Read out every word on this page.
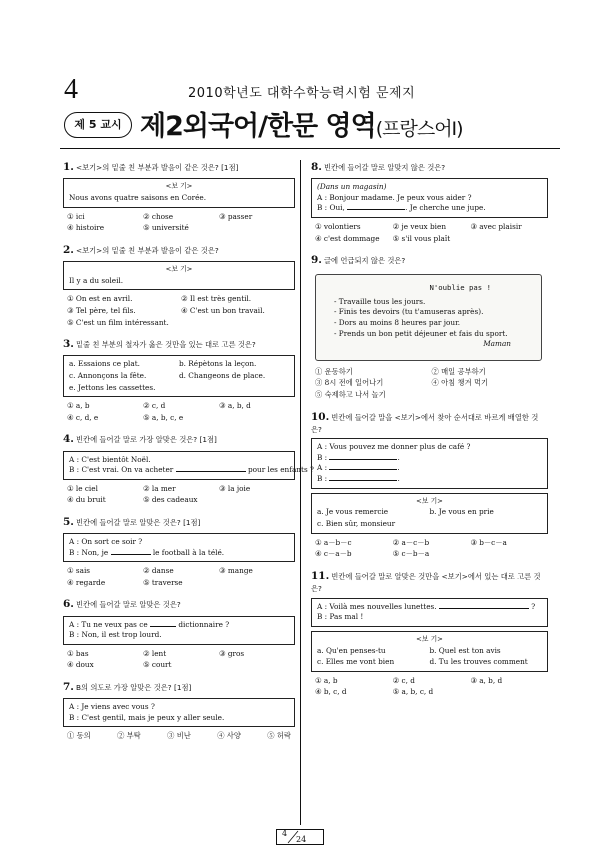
4	2010학년도 대학수학능력시험 문제지
제 5 교시 제2외국어/한문 영역(프랑스어Ⅰ)
1. <보기>의 밑줄 친 부분과 발음이 같은 것은? [1점]
<보 기>
Nous avons quatre saisons en Corée.
① ici	② chose	③ passer
④ histoire	⑤ université
2. <보기>의 밑줄 친 부분과 발음이 같은 것은?
<보 기>
Il y a du soleil.
① On est en avril.	② Il est très gentil.
③ Tel père, tel fils.	④ C'est un bon travail.
⑤ C'est un film intéressant.
3. 밑줄 친 부분의 철자가 옳은 것만을 있는 대로 고른 것은?
a. Essaions ce plat.	b. Répètons la leçon.
c. Annonçons la fête.	d. Changeons de place.
e. Jettons les cassettes.
① a, b	② c, d	③ a, b, d
④ c, d, e	⑤ a, b, c, e
4. 빈칸에 들어갈 말로 가장 알맞은 것은? [1점]
A : C'est bientôt Noël.
B : C'est vrai. On va acheter	pour les enfants ?
① le ciel	② la mer	③ la joie
④ du bruit	⑤ des cadeaux
5. 빈칸에 들어갈 말로 알맞은 것은? [1점]
A : On sort ce soir ?
B : Non, je	le football à la télé.
① sais	② danse	③ mange
④ regarde	⑤ traverse
6. 빈칸에 들어갈 말로 알맞은 것은?
A : Tu ne veux pas ce	dictionnaire ?
B : Non, il est trop lourd.
① bas	② lent	③ gros
④ doux	⑤ court
7. B의 의도로 가장 알맞은 것은? [1점]
A : Je viens avec vous ?
B : C'est gentil, mais je peux y aller seule.
① 동의	② 부탁	③ 비난	④ 사양	⑤ 허락
8. 빈칸에 들어갈 말로 알맞지 않은 것은?
(Dans un magasin)
A : Bonjour madame. Je peux vous aider ?
B : Oui,	. Je cherche une jupe.
① volontiers	② je veux bien	③ avec plaisir
④ c'est dommage	⑤ s'il vous plaît
9. 글에 언급되지 않은 것은?
N'oublie pas !
- Travaille tous les jours.
- Finis tes devoirs (tu t'amuseras après).
- Dors au moins 8 heures par jour.
- Prends un bon petit déjeuner et fais du sport.
Maman
① 운동하기	② 매일 공부하기
③ 8시 전에 일어나기	④ 아침 챙겨 먹기
⑤ 숙제하고 나서 놀기
10. 빈칸에 들어갈 말을 <보기>에서 찾아 순서대로 바르게 배열한 것은?
A : Vous pouvez me donner plus de café ?
B :	.
A :	.
B :	.
<보 기>
a. Je vous remercie	b. Je vous en prie
c. Bien sûr, monsieur
① a－b－c	② a－c－b	③ b－c－a
④ c－a－b	⑤ c－b－a
11. 빈칸에 들어갈 말로 알맞은 것만을 <보기>에서 있는 대로 고른 것은?
A : Voilà mes nouvelles lunettes.	?
B : Pas mal !
<보 기>
a. Qu'en penses-tu	b. Quel est ton avis
c. Elles me vont bien	d. Tu les trouves comment
① a, b	② c, d	③ a, b, d
④ b, c, d	⑤ a, b, c, d
4
24
